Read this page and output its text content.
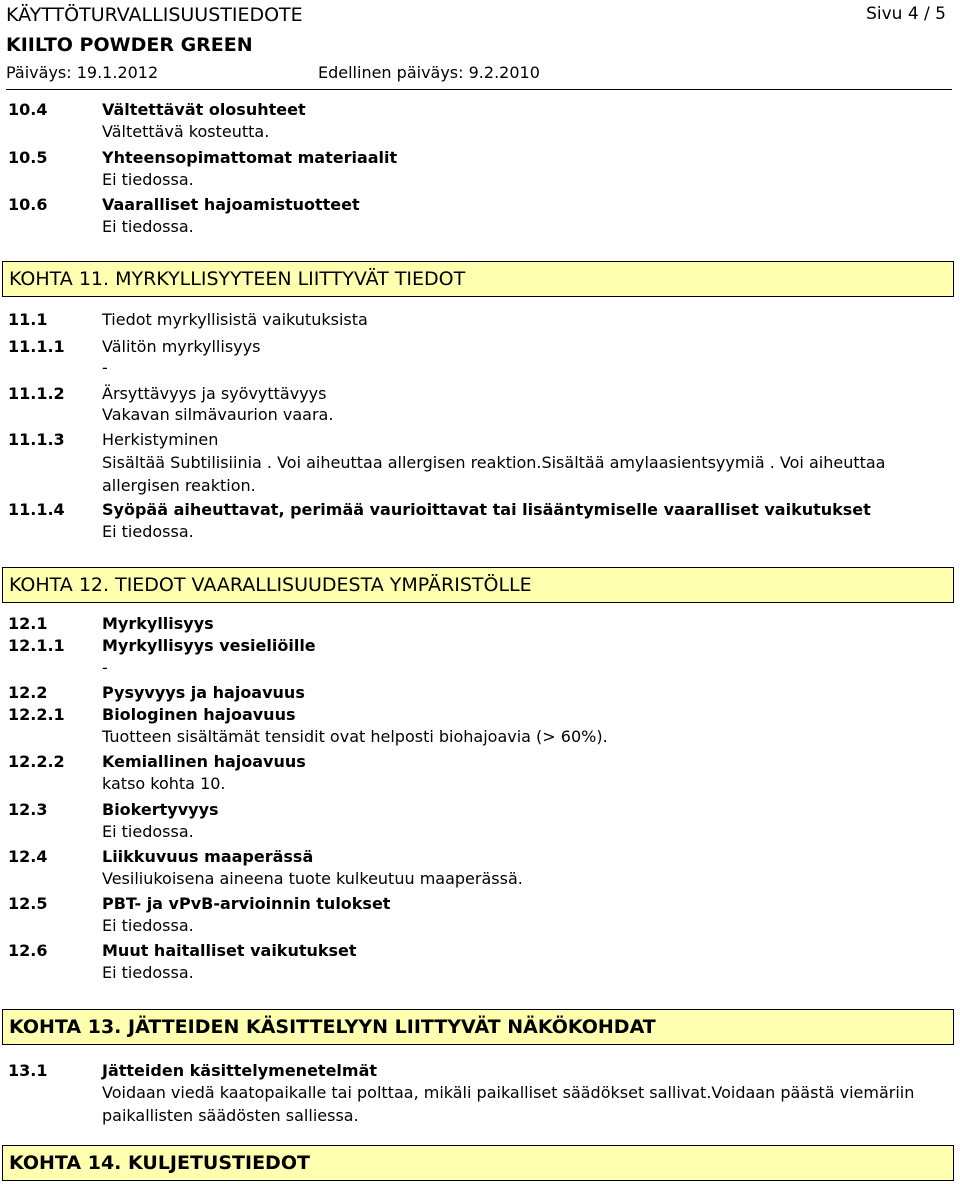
KÄYTTÖTURVALLISUUSTIEDOTE	Sivu 4 / 5
KIILTO POWDER GREEN
Päiväys: 19.1.2012	Edellinen päiväys: 9.2.2010
10.4	Vältettävät olosuhteet
Vältettävä kosteutta.
10.5	Yhteensopimattomat materiaalit
Ei tiedossa.
10.6	Vaaralliset hajoamistuotteet
Ei tiedossa.
KOHTA 11. MYRKYLLISYYTEEN LIITTYVÄT TIEDOT
11.1	Tiedot myrkyllisistä vaikutuksista
11.1.1	Välitön myrkyllisyys
-
11.1.2	Ärsyttävyys ja syövyttävyys
Vakavan silmävaurion vaara.
11.1.3	Herkistyminen
Sisältää Subtilisiinia . Voi aiheuttaa allergisen reaktion.Sisältää amylaasientsyymiä . Voi aiheuttaa allergisen reaktion.
11.1.4	Syöpää aiheuttavat, perimää vaurioittavat tai lisääntymiselle vaaralliset vaikutukset
Ei tiedossa.
KOHTA 12. TIEDOT VAARALLISUUDESTA YMPÄRISTÖLLE
12.1	Myrkyllisyys
12.1.1	Myrkyllisyys vesieliöille
-
12.2	Pysyvyys ja hajoavuus
12.2.1	Biologinen hajoavuus
Tuotteen sisältämät tensidit ovat helposti biohajoavia (> 60%).
12.2.2	Kemiallinen hajoavuus
katso kohta 10.
12.3	Biokertyvyys
Ei tiedossa.
12.4	Liikkuvuus maaperässä
Vesiliukoisena aineena tuote kulkeutuu maaperässä.
12.5	PBT- ja vPvB-arvioinnin tulokset
Ei tiedossa.
12.6	Muut haitalliset vaikutukset
Ei tiedossa.
KOHTA 13. JÄTTEIDEN KÄSITTELYYN LIITTYVÄT NÄKÖKOHDAT
13.1	Jätteiden käsittelymenetelmät
Voidaan viedä kaatopaikalle tai polttaa, mikäli paikalliset säädökset sallivat.Voidaan päästä viemäriin paikallisten säädösten salliessa.
KOHTA 14. KULJETUSTIEDOT
